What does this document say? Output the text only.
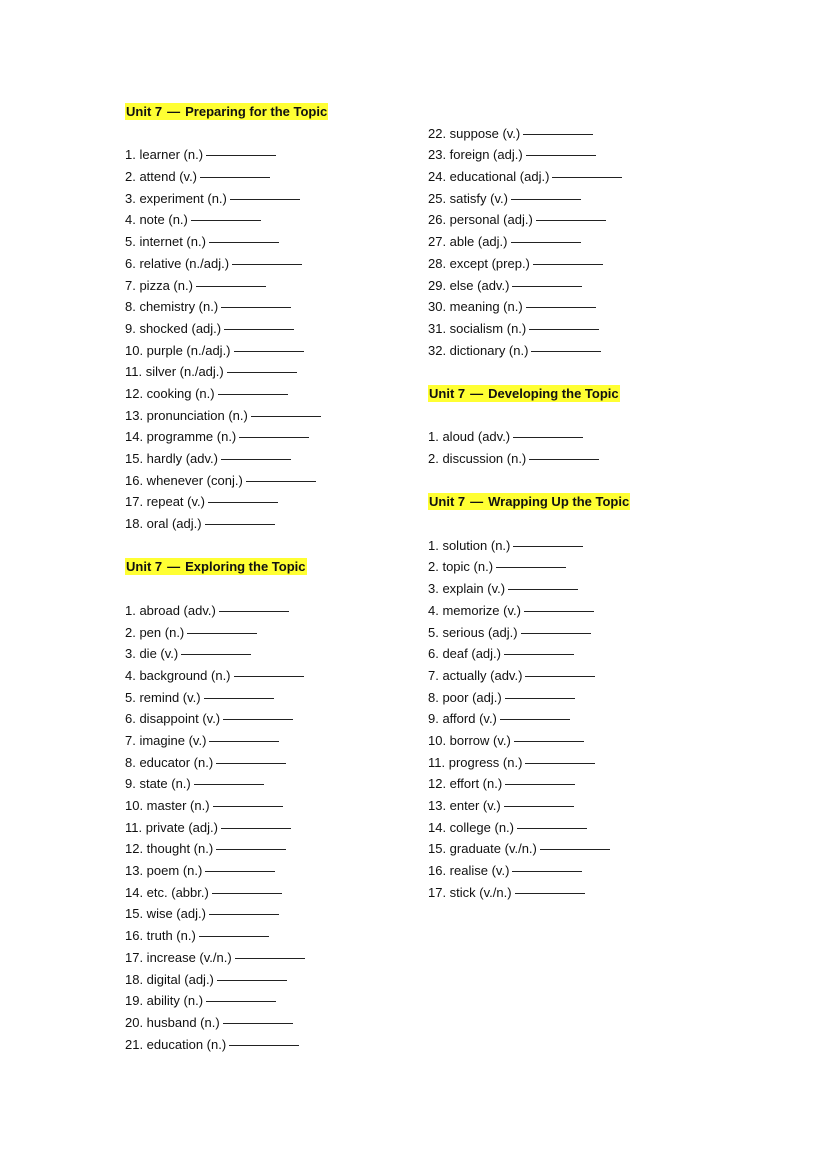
Unit 7 — Preparing for the Topic
1. learner (n.)
2. attend (v.)
3. experiment (n.)
4. note (n.)
5. internet (n.)
6. relative (n./adj.)
7. pizza (n.)
8. chemistry (n.)
9. shocked (adj.)
10. purple (n./adj.)
11. silver (n./adj.)
12. cooking (n.)
13. pronunciation (n.)
14. programme (n.)
15. hardly (adv.)
16. whenever (conj.)
17. repeat (v.)
18. oral (adj.)
Unit 7 — Exploring the Topic
1. abroad (adv.)
2. pen (n.)
3. die (v.)
4. background (n.)
5. remind (v.)
6. disappoint (v.)
7. imagine (v.)
8. educator (n.)
9. state (n.)
10. master (n.)
11. private (adj.)
12. thought (n.)
13. poem (n.)
14. etc. (abbr.)
15. wise (adj.)
16. truth (n.)
17. increase (v./n.)
18. digital (adj.)
19. ability (n.)
20. husband (n.)
21. education (n.)
22. suppose (v.)
23. foreign (adj.)
24. educational (adj.)
25. satisfy (v.)
26. personal (adj.)
27. able (adj.)
28. except (prep.)
29. else (adv.)
30. meaning (n.)
31. socialism (n.)
32. dictionary (n.)
Unit 7 — Developing the Topic
1. aloud (adv.)
2. discussion (n.)
Unit 7 — Wrapping Up the Topic
1. solution (n.)
2. topic (n.)
3. explain (v.)
4. memorize (v.)
5. serious (adj.)
6. deaf (adj.)
7. actually (adv.)
8. poor (adj.)
9. afford (v.)
10. borrow (v.)
11. progress (n.)
12. effort (n.)
13. enter (v.)
14. college (n.)
15. graduate (v./n.)
16. realise (v.)
17. stick (v./n.)
